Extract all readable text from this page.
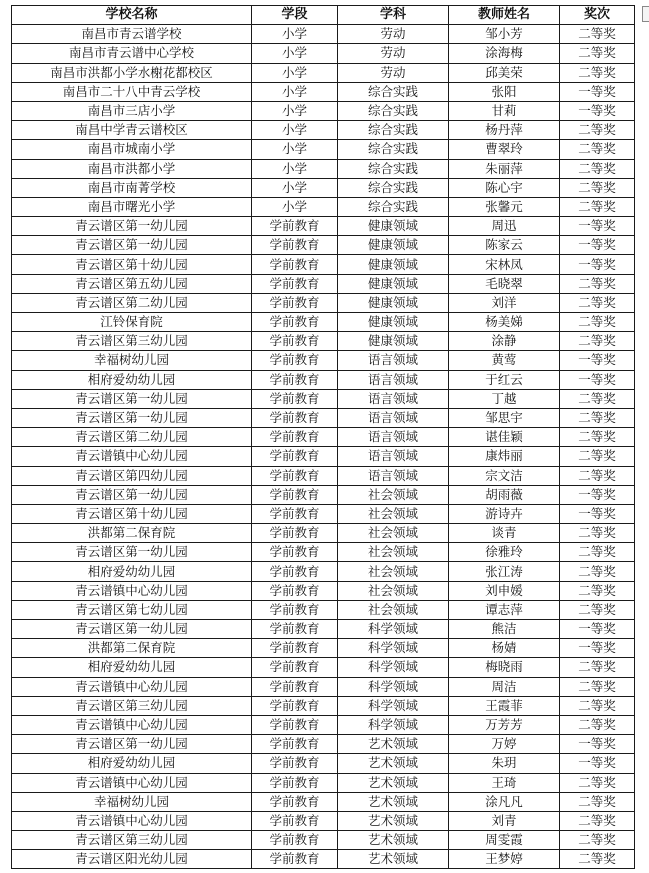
学校名称	学段	学科	教师姓名	奖次
南昌市青云谱学校	小学	劳动	邹小芳	二等奖
南昌市青云谱中心学校	小学	劳动	涂海梅	二等奖
南昌市洪都小学水榭花都校区	小学	劳动	邱美荣	二等奖
南昌市二十八中青云学校	小学	综合实践	张阳	一等奖
南昌市三店小学	小学	综合实践	甘莉	一等奖
南昌中学青云谱校区	小学	综合实践	杨丹萍	二等奖
南昌市城南小学	小学	综合实践	曹翠玲	二等奖
南昌市洪都小学	小学	综合实践	朱丽萍	二等奖
南昌市南菁学校	小学	综合实践	陈心宇	二等奖
南昌市曙光小学	小学	综合实践	张馨元	二等奖
青云谱区第一幼儿园	学前教育	健康领域	周迅	一等奖
青云谱区第一幼儿园	学前教育	健康领域	陈家云	一等奖
青云谱区第十幼儿园	学前教育	健康领域	宋林凤	一等奖
青云谱区第五幼儿园	学前教育	健康领域	毛晓翠	二等奖
青云谱区第二幼儿园	学前教育	健康领域	刘洋	二等奖
江铃保育院	学前教育	健康领域	杨美娣	二等奖
青云谱区第三幼儿园	学前教育	健康领域	涂静	二等奖
幸福树幼儿园	学前教育	语言领域	黄莺	一等奖
相府爱幼幼儿园	学前教育	语言领域	于红云	一等奖
青云谱区第一幼儿园	学前教育	语言领域	丁越	二等奖
青云谱区第一幼儿园	学前教育	语言领域	邹思宇	二等奖
青云谱区第二幼儿园	学前教育	语言领域	谌佳颖	二等奖
青云谱镇中心幼儿园	学前教育	语言领域	康炜丽	二等奖
青云谱区第四幼儿园	学前教育	语言领域	宗文洁	二等奖
青云谱区第一幼儿园	学前教育	社会领域	胡雨薇	一等奖
青云谱区第十幼儿园	学前教育	社会领域	游诗卉	一等奖
洪都第二保育院	学前教育	社会领域	谈青	二等奖
青云谱区第一幼儿园	学前教育	社会领域	徐雅玲	二等奖
相府爱幼幼儿园	学前教育	社会领域	张江涛	二等奖
青云谱镇中心幼儿园	学前教育	社会领域	刘申媛	二等奖
青云谱区第七幼儿园	学前教育	社会领域	谭志萍	二等奖
青云谱区第一幼儿园	学前教育	科学领域	熊洁	一等奖
洪都第二保育院	学前教育	科学领域	杨婧	一等奖
相府爱幼幼儿园	学前教育	科学领域	梅晓雨	二等奖
青云谱镇中心幼儿园	学前教育	科学领域	周洁	二等奖
青云谱区第三幼儿园	学前教育	科学领域	王霞菲	二等奖
青云谱镇中心幼儿园	学前教育	科学领域	万芳芳	二等奖
青云谱区第一幼儿园	学前教育	艺术领域	万婷	一等奖
相府爱幼幼儿园	学前教育	艺术领域	朱玥	一等奖
青云谱镇中心幼儿园	学前教育	艺术领域	王琦	二等奖
幸福树幼儿园	学前教育	艺术领域	涂凡凡	二等奖
青云谱镇中心幼儿园	学前教育	艺术领域	刘青	二等奖
青云谱区第三幼儿园	学前教育	艺术领域	周雯霞	二等奖
青云谱区阳光幼儿园	学前教育	艺术领域	王梦婷	二等奖
